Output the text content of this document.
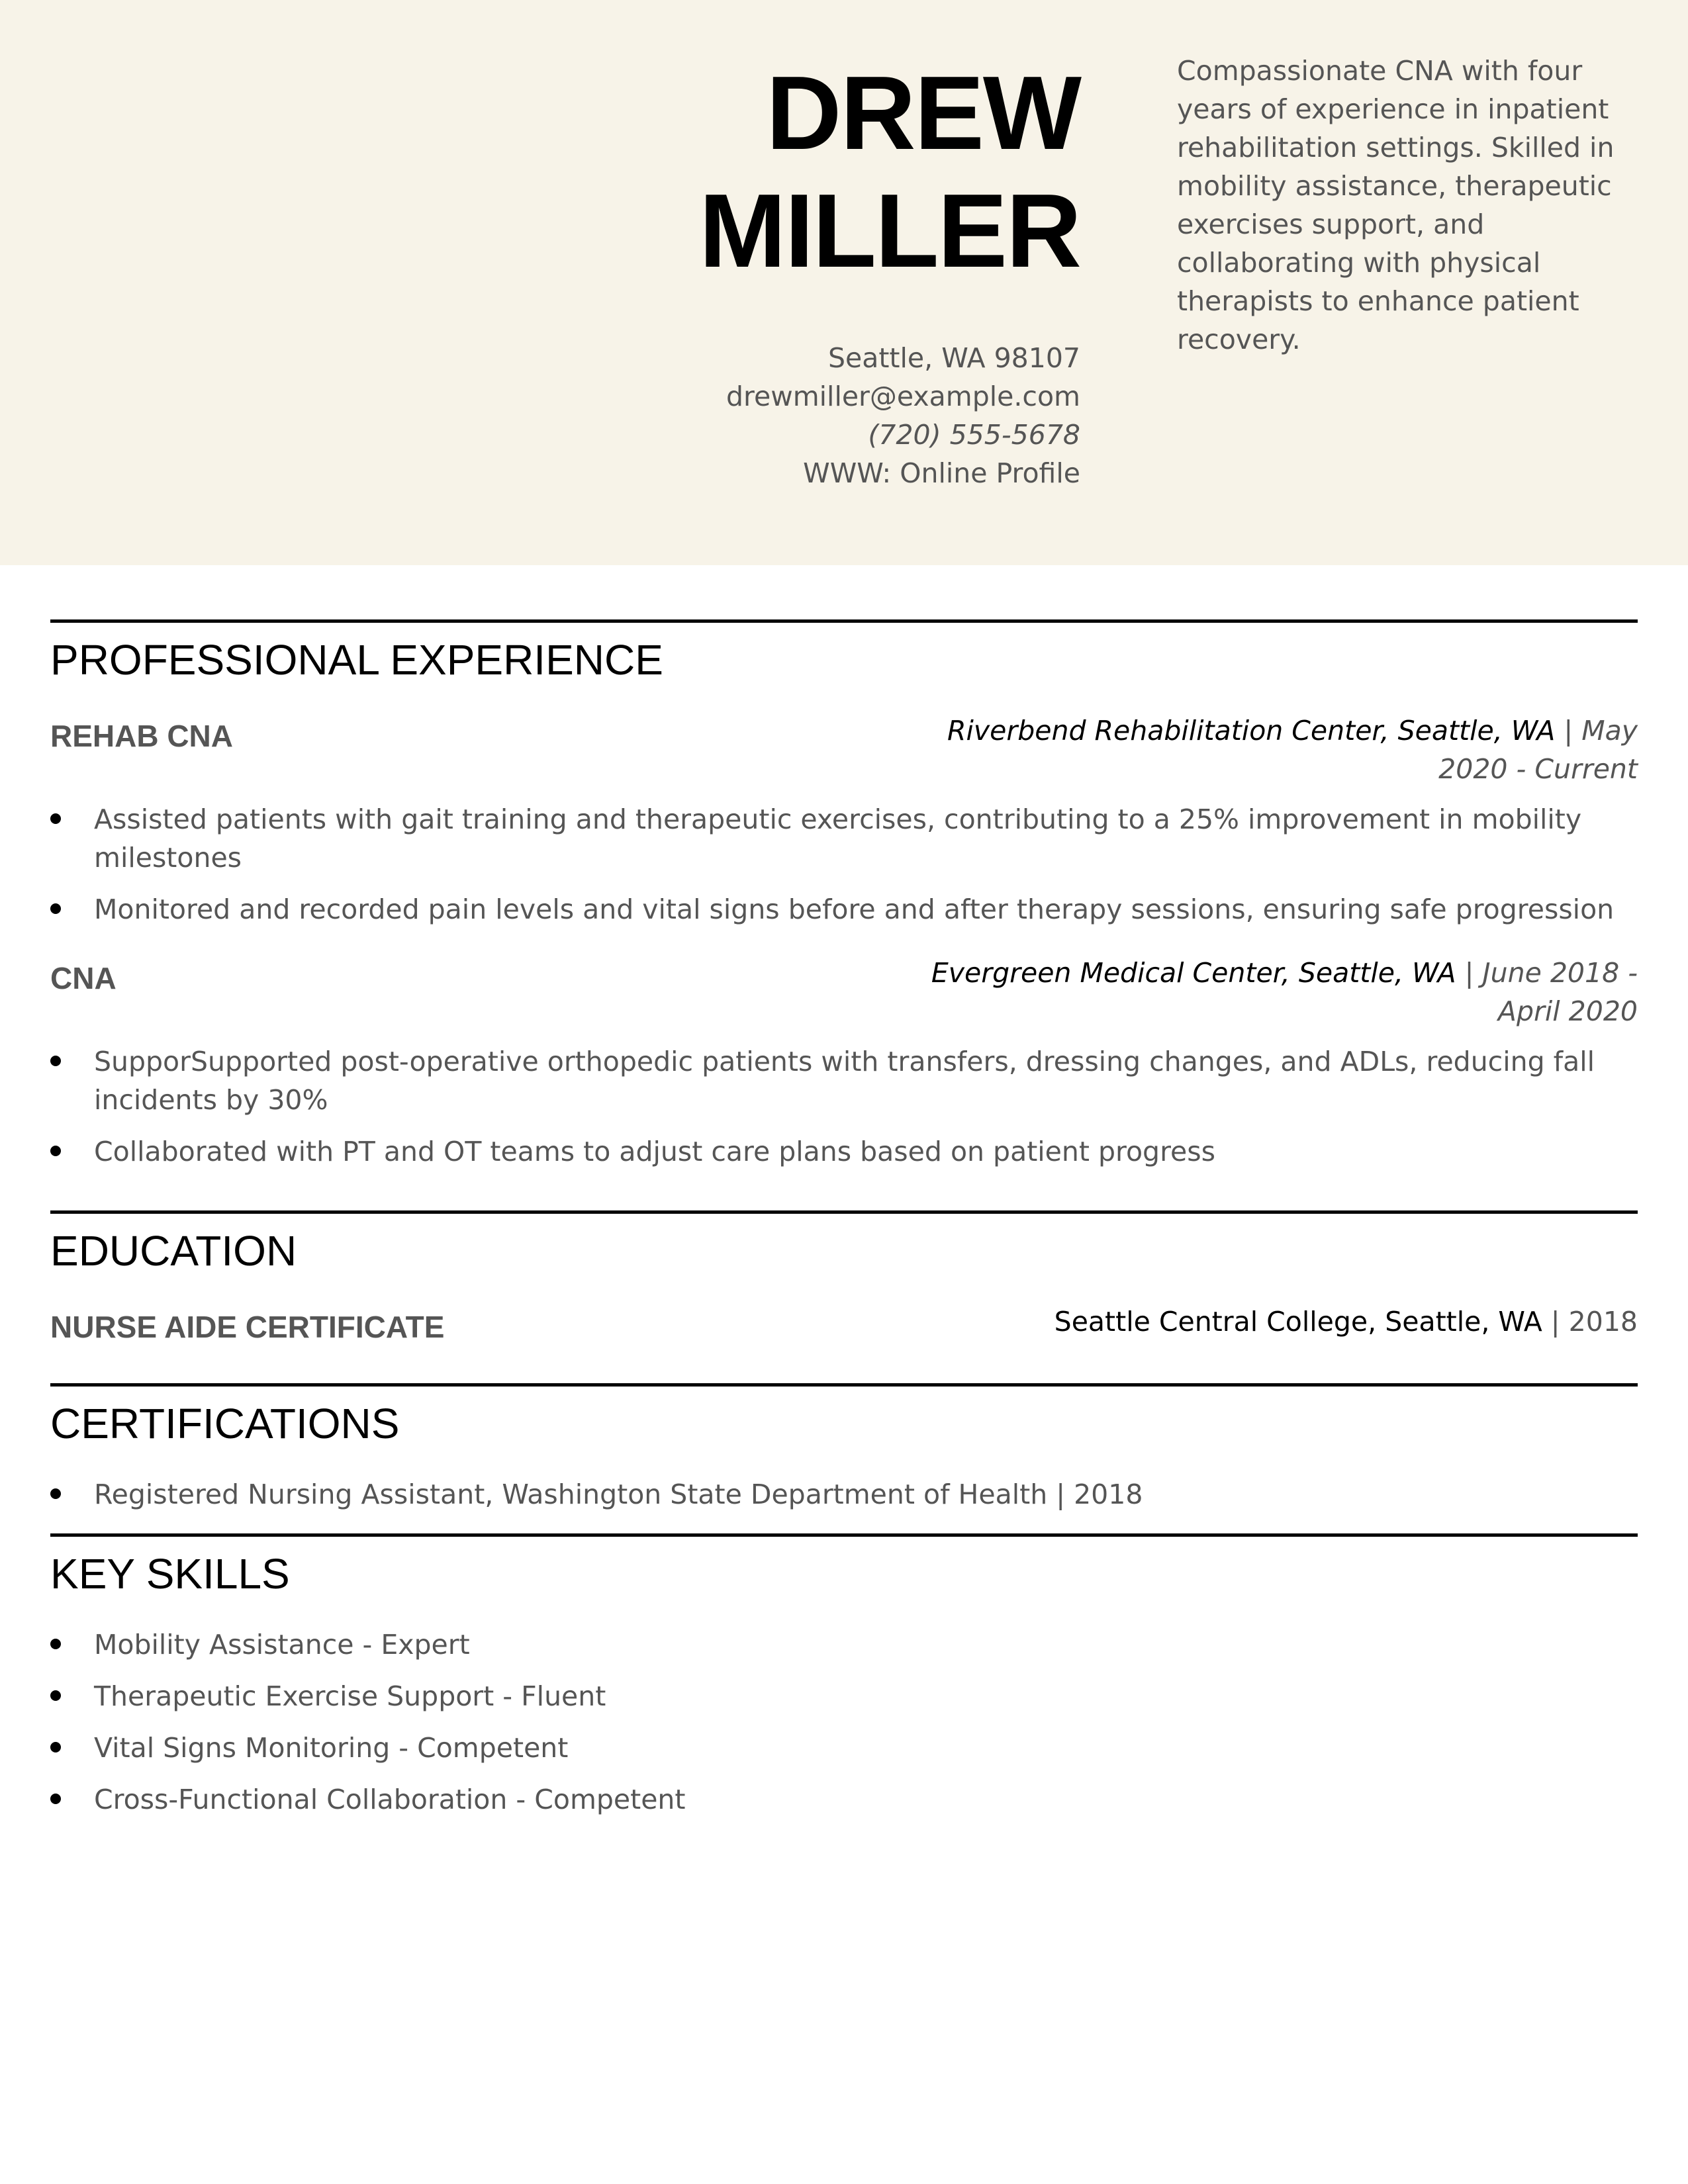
DREW
MILLER
Seattle, WA 98107
drewmiller@example.com
(720) 555-5678
WWW: Online Profile
Compassionate CNA with four years of experience in inpatient rehabilitation settings. Skilled in mobility assistance, therapeutic exercises support, and collaborating with physical therapists to enhance patient recovery.
PROFESSIONAL EXPERIENCE
REHAB CNA	Riverbend Rehabilitation Center, Seattle, WA | May 2020 - Current
Assisted patients with gait training and therapeutic exercises, contributing to a 25% improvement in mobility milestones
Monitored and recorded pain levels and vital signs before and after therapy sessions, ensuring safe progression
CNA	Evergreen Medical Center, Seattle, WA | June 2018 - April 2020
SupporSupported post-operative orthopedic patients with transfers, dressing changes, and ADLs, reducing fall incidents by 30%
Collaborated with PT and OT teams to adjust care plans based on patient progress
EDUCATION
NURSE AIDE CERTIFICATE	Seattle Central College, Seattle, WA | 2018
CERTIFICATIONS
Registered Nursing Assistant, Washington State Department of Health | 2018
KEY SKILLS
Mobility Assistance - Expert
Therapeutic Exercise Support - Fluent
Vital Signs Monitoring - Competent
Cross-Functional Collaboration - Competent
